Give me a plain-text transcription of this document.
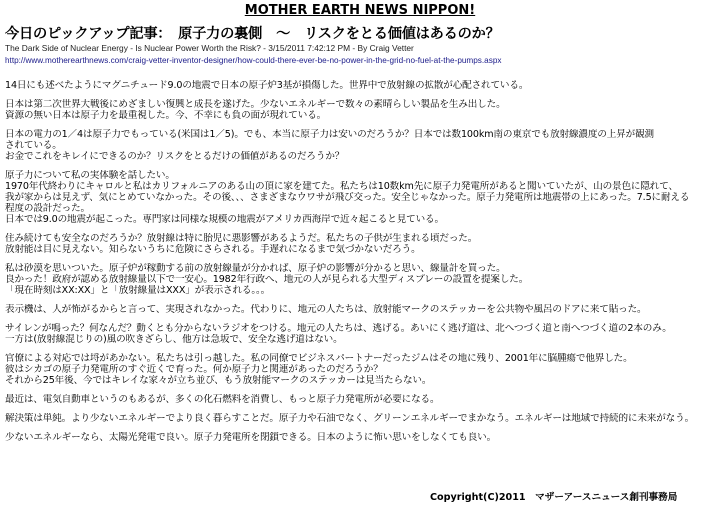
MOTHER EARTH NEWS NIPPON!
今日のピックアップ記事：　原子力の裏側　～　リスクをとる価値はあるのか？
The Dark Side of Nuclear Energy - Is Nuclear Power Worth the Risk? - 3/15/2011 7:42:12 PM - By Craig Vetter
http://www.motherearthnews.com/craig-vetter-inventor-designer/how-could-there-ever-be-no-power-in-the-grid-no-fuel-at-the-pumps.aspx

14日にも述べたようにマグニチュード9.0の地震で日本の原子炉3基が損傷した。世界中で放射線の拡散が心配されている。

日本は第二次世界大戦後にめざましい復興と成長を遂げた。少ないエネルギーで数々の素晴らしい製品を生み出した。
資源の無い日本は原子力を最重視した。今、不幸にも負の面が現れている。

日本の電力の1／4は原子力でもっている(米国は1／5)。でも、本当に原子力は安いのだろうか？日本では数100km南の東京でも放射線濃度の上昇が観測
されている。
お金でこれをキレイにできるのか？リスクをとるだけの価値があるのだろうか？

原子力について私の実体験を話したい。
1970年代終わりにキャロルと私はカリフォルニアのある山の頂に家を建てた。私たちは10数km先に原子力発電所があると聞いていたが、山の景色に隠れて、
我が家からは見えず、気にとめていなかった。その後、、、さまざまなウワサが飛び交った。安全じゃなかった。原子力発電所は地震帯の上にあった。7.5に耐える
程度の設計だった。
日本では9.0の地震が起こった。専門家は同様な規模の地震がアメリカ西海岸で近々起こると見ている。

住み続けても安全なのだろうか？放射線は特に胎児に悪影響があるようだ。私たちの子供が生まれる頃だった。
放射能は目に見えない。知らないうちに危険にさらされる。手遅れになるまで気づかないだろう。

私は砂漠を思いついた。原子炉が稼動する前の放射線量が分かれば、原子炉の影響が分かると思い、線量計を買った。
良かった！政府が認める放射線量以下で一安心。1982年行政へ、地元の人が見られる大型ディスプレーの設置を提案した。
「現在時刻はXX:XX」と「放射線量はXXX」が表示される。。。

表示機は、人が怖がるからと言って、実現されなかった。代わりに、地元の人たちは、放射能マークのステッカーを公共物や風呂のドアに来て貼った。

サイレンが鳴った？何なんだ？動くとも分からないラジオをつける。地元の人たちは、逃げる。あいにく逃げ道は、北へつづく道と南へつづく道の2本のみ。
一方は(放射線混じりの)風の吹きざらし、他方は急坂で、安全な逃げ道はない。

官僚による対応では埒があかない。私たちは引っ越した。私の同僚でビジネスパートナーだったジムはその地に残り、2001年に脳腫瘍で他界した。
彼はシカゴの原子力発電所のすぐ近くで育った。何か原子力と関連があったのだろうか？
それから25年後、今ではキレイな家々が立ち並び、もう放射能マークのステッカーは見当たらない。

最近は、電気自動車というのもあるが、多くの化石燃料を消費し、もっと原子力発電所が必要になる。

解決策は単純。より少ないエネルギーでより良く暮らすことだ。原子力や石油でなく、グリーンエネルギーでまかなう。エネルギーは地域で持続的に未来がなう。

少ないエネルギーなら、太陽光発電で良い。原子力発電所を閉鎖できる。日本のように怖い思いをしなくても良い。

Copyright(C)2011　マザーアースニュース創刊事務局
